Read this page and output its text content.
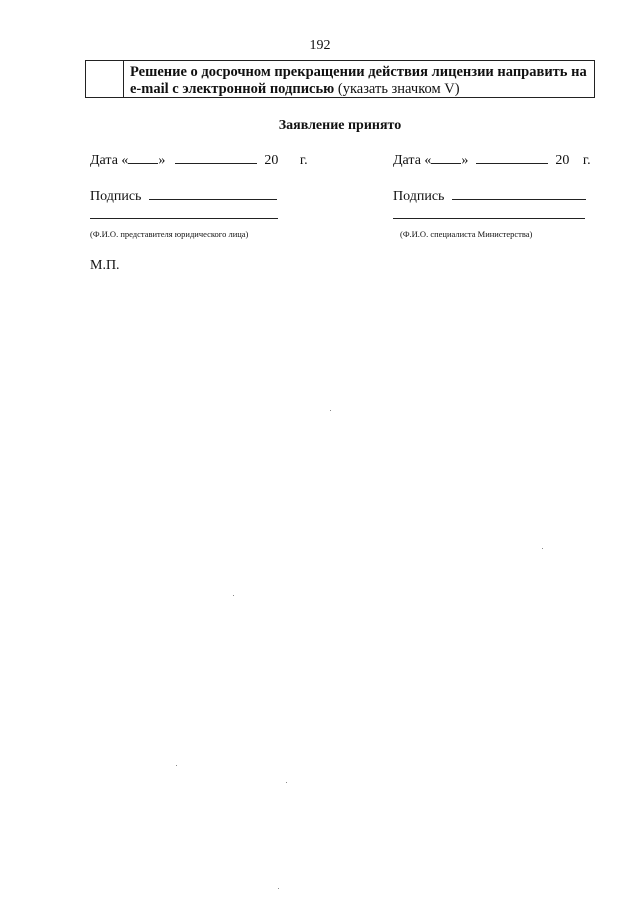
192
Решение о досрочном прекращении действия лицензии направить на e-mail с электронной подписью (указать значком V)
Заявление принято
Дата « »	20 г.
Подпись
(Ф.И.О. представителя юридического лица)
Дата « »	20 г.
Подпись
(Ф.И.О. специалиста Министерства)
М.П.
